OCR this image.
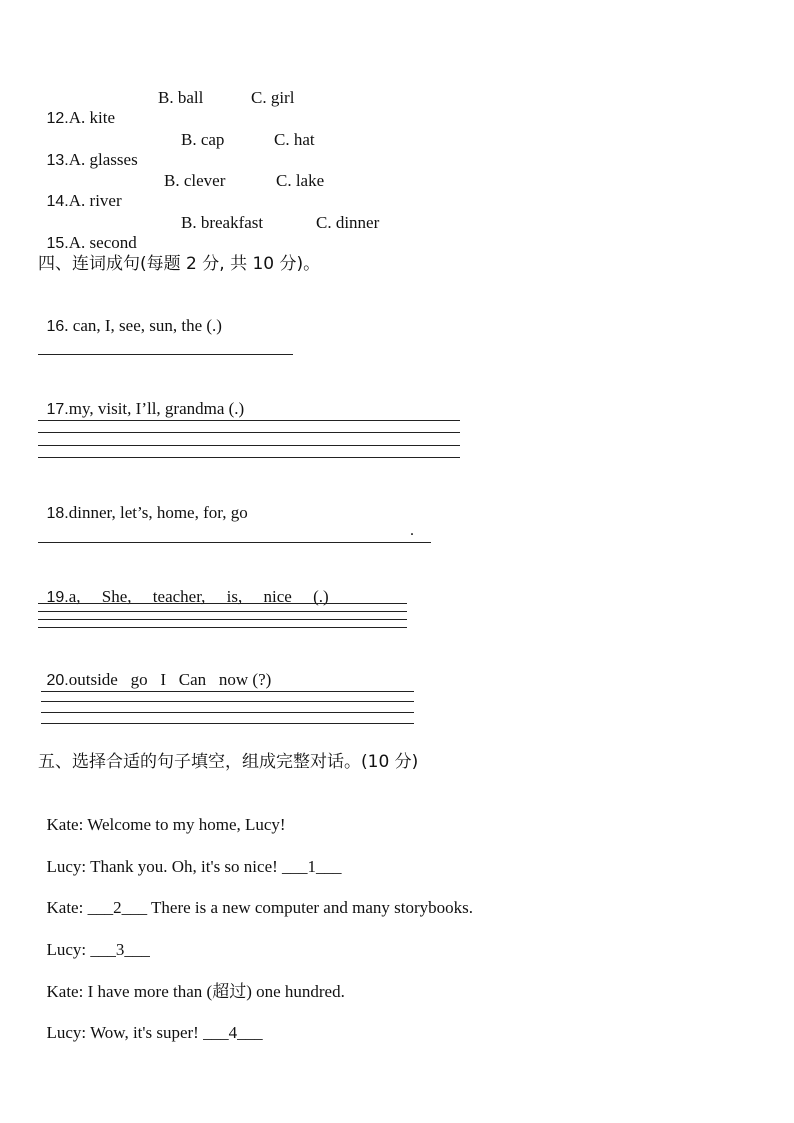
12.A. kite

B. ball

	C. girl

13.A. glasses

B. cap

	C. hat

14.A. river

B. clever

	C. lake

15.A. second

B. breakfast

	C. dinner

四、连词成句(每题 2 分, 共 10 分)。

16. can, I, see, sun, the (.)

17.my, visit, I’ll, grandma (.)

18.dinner, let’s, home, for, go

.

19.a,     She,     teacher,     is,     nice     (.)

20.outside   go   I   Can   now (?)

五、选择合适的句子填空，组成完整对话。(10 分)

Kate: Welcome to my home, Lucy!

Lucy: Thank you. Oh, it's so nice! ___1___

Kate: ___2___ There is a new computer and many storybooks.

Lucy: ___3___

Kate: I have more than (超过) one hundred.

Lucy: Wow, it's super! ___4___
